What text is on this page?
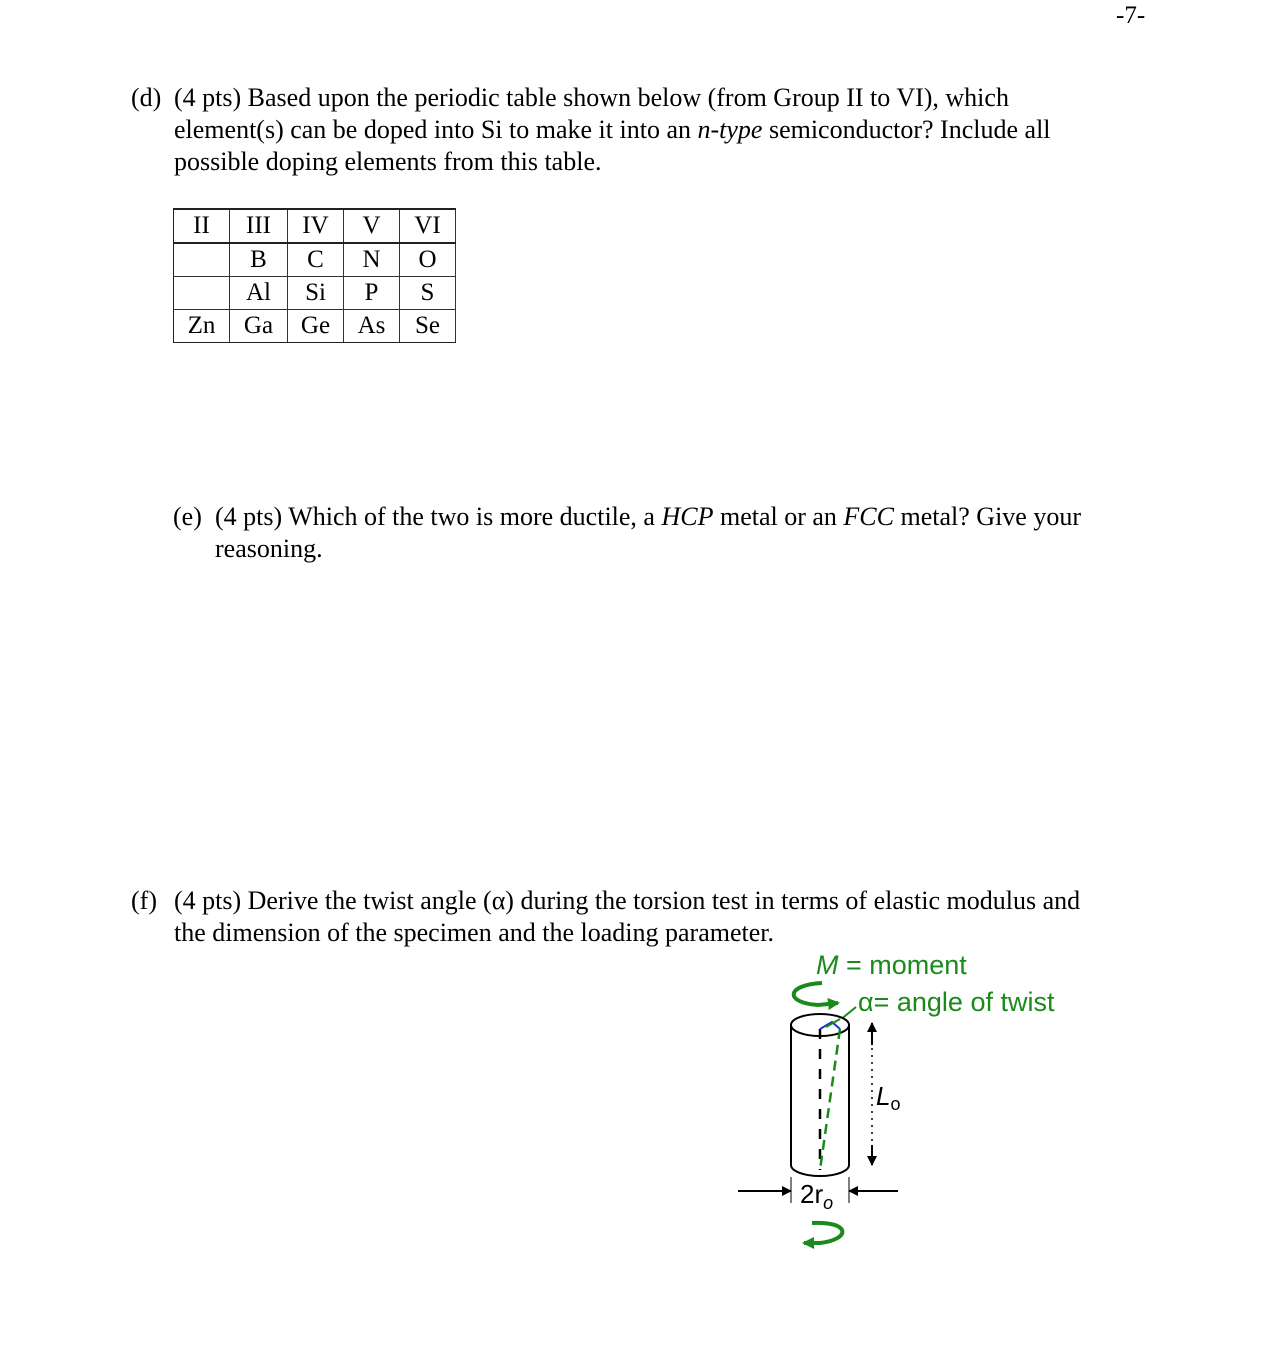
-7-
(d) (4 pts) Based upon the periodic table shown below (from Group II to VI), which
element(s) can be doped into Si to make it into an n-type semiconductor? Include all
possible doping elements from this table.
II	III	IV	V	VI
	B	C	N	O
	Al	Si	P	S
Zn	Ga	Ge	As	Se
(e) (4 pts) Which of the two is more ductile, a HCP metal or an FCC metal? Give your
reasoning.
(f) (4 pts) Derive the twist angle (α) during the torsion test in terms of elastic modulus and
the dimension of the specimen and the loading parameter.
M = moment
α= angle of twist
Lo
$2r_o$
